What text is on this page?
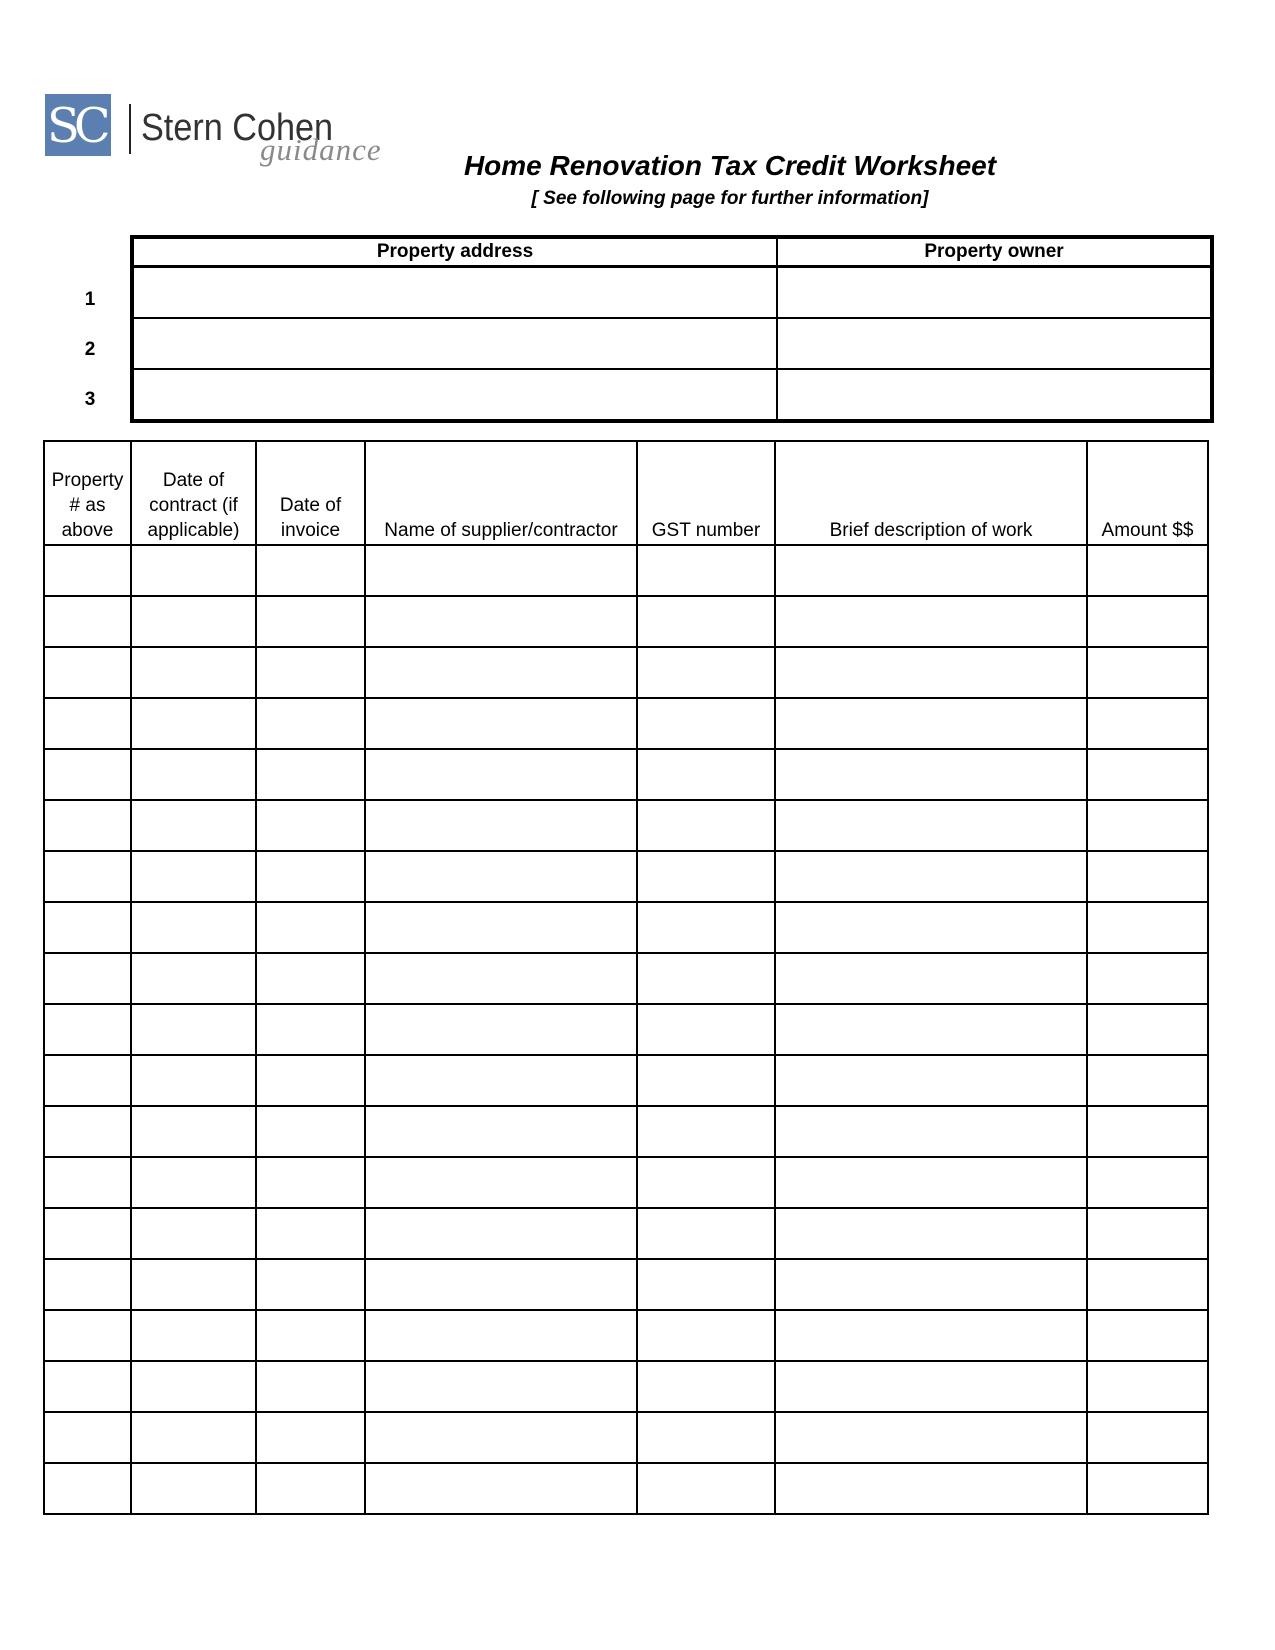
SC Stern Cohen
guidance	Home Renovation Tax Credit Worksheet
[ See following page for further information]
1
2
3
Property address	Property owner

Property # as above	Date of contract (if applicable)	Date of invoice	Name of supplier/contractor	GST number	Brief description of work	Amount $$
